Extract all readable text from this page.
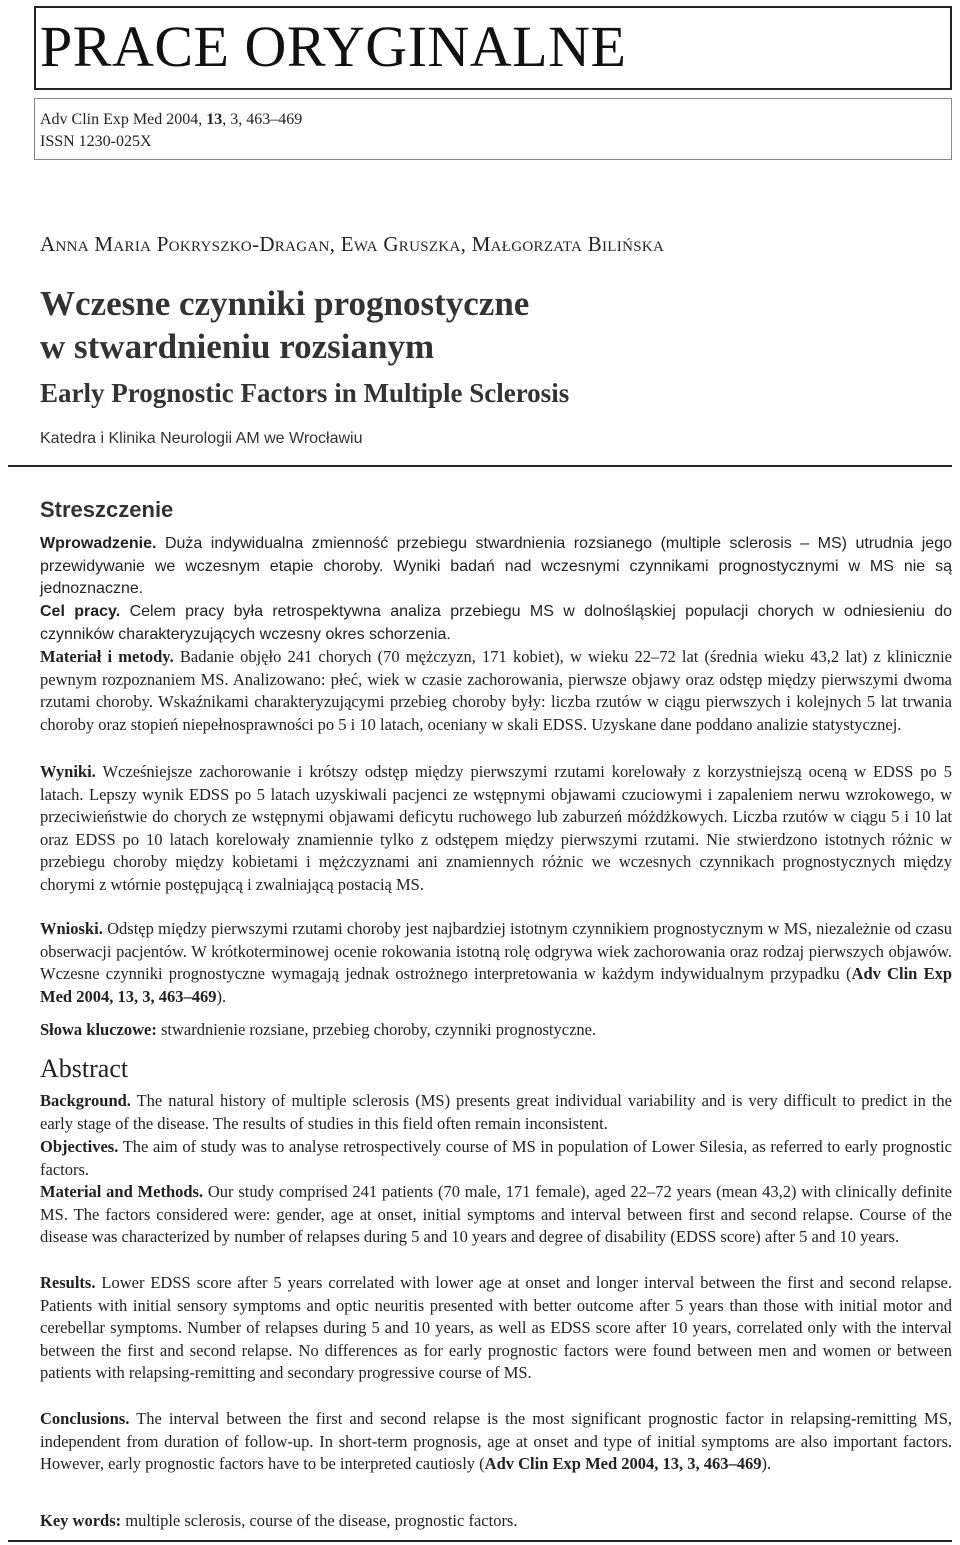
PRACE ORYGINALNE
Adv Clin Exp Med 2004, 13, 3, 463–469
ISSN 1230-025X
Anna Maria Pokryszko-Dragan, Ewa Gruszka, Małgorzata Bilińska
Wczesne czynniki prognostyczne
w stwardnieniu rozsianym
Early Prognostic Factors in Multiple Sclerosis
Katedra i Klinika Neurologii AM we Wrocławiu
Streszczenie

Wprowadzenie. Duża indywidualna zmienność przebiegu stwardnienia rozsianego (multiple sclerosis – MS) utrudnia jego przewidywanie we wczesnym etapie choroby. Wyniki badań nad wczesnymi czynnikami prognostycznymi w MS nie są jednoznaczne.

Cel pracy. Celem pracy była retrospektywna analiza przebiegu MS w dolnośląskiej populacji chorych w odniesieniu do czynników charakteryzujących wczesny okres schorzenia.

Materiał i metody. Badanie objęło 241 chorych (70 mężczyzn, 171 kobiet), w wieku 22–72 lat (średnia wieku 43,2 lat) z klinicznie pewnym rozpoznaniem MS. Analizowano: płeć, wiek w czasie zachorowania, pierwsze objawy oraz odstęp między pierwszymi dwoma rzutami choroby. Wskaźnikami charakteryzującymi przebieg choroby były: liczba rzutów w ciągu pierwszych i kolejnych 5 lat trwania choroby oraz stopień niepełnosprawności po 5 i 10 latach, oceniany w skali EDSS. Uzyskane dane poddano analizie statystycznej.

Wyniki. Wcześniejsze zachorowanie i krótszy odstęp między pierwszymi rzutami korelowały z korzystniejszą oceną w EDSS po 5 latach. Lepszy wynik EDSS po 5 latach uzyskiwali pacjenci ze wstępnymi objawami czuciowymi i zapaleniem nerwu wzrokowego, w przeciwieństwie do chorych ze wstępnymi objawami deficytu ruchowego lub zaburzeń móżdżkowych. Liczba rzutów w ciągu 5 i 10 lat oraz EDSS po 10 latach korelowały znamiennie tylko z odstępem między pierwszymi rzutami. Nie stwierdzono istotnych różnic w przebiegu choroby między kobietami i mężczyznami ani znamiennych różnic we wczesnych czynnikach prognostycznych między chorymi z wtórnie postępującą i zwalniającą postacią MS.

Wnioski. Odstęp między pierwszymi rzutami choroby jest najbardziej istotnym czynnikiem prognostycznym w MS, niezależnie od czasu obserwacji pacjentów. W krótkoterminowej ocenie rokowania istotną rolę odgrywa wiek zachorowania oraz rodzaj pierwszych objawów. Wczesne czynniki prognostyczne wymagają jednak ostrożnego interpretowania w każdym indywidualnym przypadku (Adv Clin Exp Med 2004, 13, 3, 463–469).

Słowa kluczowe: stwardnienie rozsiane, przebieg choroby, czynniki prognostyczne.

Abstract

Background. The natural history of multiple sclerosis (MS) presents great individual variability and is very difficult to predict in the early stage of the disease. The results of studies in this field often remain inconsistent.

Objectives. The aim of study was to analyse retrospectively course of MS in population of Lower Silesia, as referred to early prognostic factors.

Material and Methods. Our study comprised 241 patients (70 male, 171 female), aged 22–72 years (mean 43,2) with clinically definite MS. The factors considered were: gender, age at onset, initial symptoms and interval between first and second relapse. Course of the disease was characterized by number of relapses during 5 and 10 years and degree of disability (EDSS score) after 5 and 10 years.

Results. Lower EDSS score after 5 years correlated with lower age at onset and longer interval between the first and second relapse. Patients with initial sensory symptoms and optic neuritis presented with better outcome after 5 years than those with initial motor and cerebellar symptoms. Number of relapses during 5 and 10 years, as well as EDSS score after 10 years, correlated only with the interval between the first and second relapse. No differences as for early prognostic factors were found between men and women or between patients with relapsing-remitting and secondary progressive course of MS.

Conclusions. The interval between the first and second relapse is the most significant prognostic factor in relapsing-remitting MS, independent from duration of follow-up. In short-term prognosis, age at onset and type of initial symptoms are also important factors. However, early prognostic factors have to be interpreted cautiosly (Adv Clin Exp Med 2004, 13, 3, 463–469).

Key words: multiple sclerosis, course of the disease, prognostic factors.
